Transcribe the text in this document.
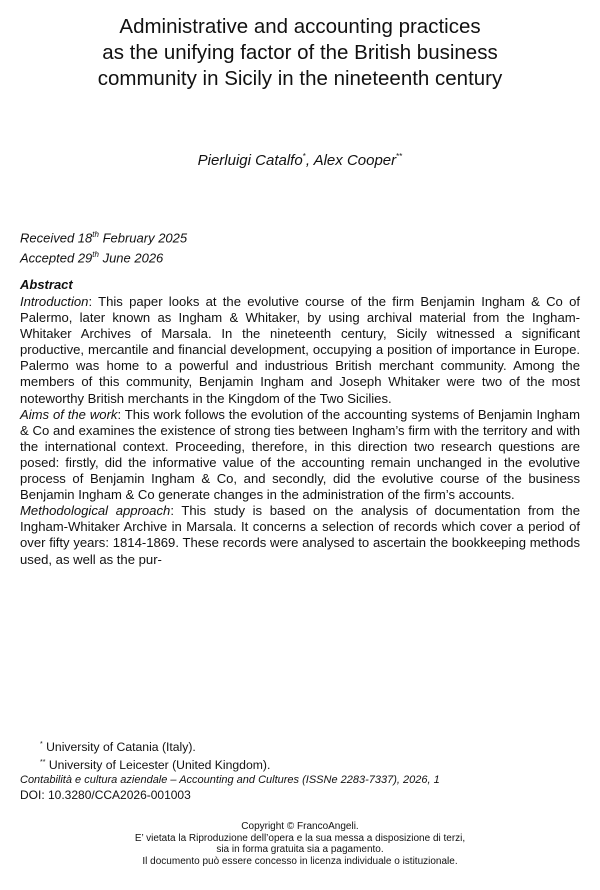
Administrative and accounting practices
as the unifying factor of the British business
community in Sicily in the nineteenth century
Pierluigi Catalfo*, Alex Cooper**
Received 18th February 2025
Accepted 29th June 2026
Abstract

Introduction: This paper looks at the evolutive course of the firm Benjamin Ingham & Co of Palermo, later known as Ingham & Whitaker, by using archival material from the Ingham-Whitaker Archives of Marsala. In the nineteenth century, Sicily witnessed a significant productive, mercantile and financial development, occupying a position of importance in Europe. Palermo was home to a powerful and industrious British merchant community. Among the members of this community, Benjamin Ingham and Joseph Whitaker were two of the most noteworthy British merchants in the Kingdom of the Two Sicilies.

Aims of the work: This work follows the evolution of the accounting systems of Benjamin Ingham & Co and examines the existence of strong ties between Ingham’s firm with the territory and with the international context. Proceeding, therefore, in this direction two research questions are posed: firstly, did the informative value of the accounting remain unchanged in the evolutive process of Benjamin Ingham & Co, and secondly, did the evolutive course of the business Benjamin Ingham & Co generate changes in the administration of the firm’s accounts.

Methodological approach: This study is based on the analysis of documentation from the Ingham-Whitaker Archive in Marsala. It concerns a selection of records which cover a period of over fifty years: 1814-1869. These records were analysed to ascertain the bookkeeping methods used, as well as the pur-

* University of Catania (Italy).
** University of Leicester (United Kingdom).
Contabilità e cultura aziendale – Accounting and Cultures (ISSNe 2283-7337), 2026, 1
DOI: 10.3280/CCA2026-001003
Copyright © FrancoAngeli.
E’ vietata la Riproduzione dell’opera e la sua messa a disposizione di terzi,
sia in forma gratuita sia a pagamento.
Il documento può essere concesso in licenza individuale o istituzionale.
